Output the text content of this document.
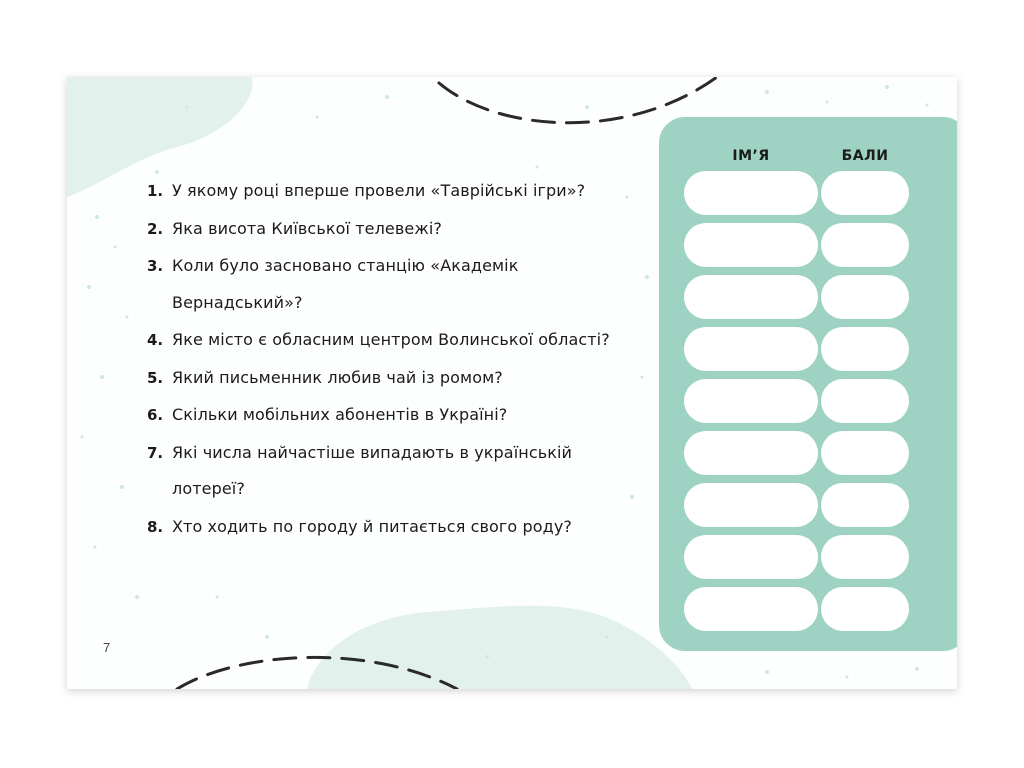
1. У якому році вперше провели «Таврійські ігри»?
2. Яка висота Київської телевежі?
3. Коли було засновано станцію «Академік Вернадський»?
4. Яке місто є обласним центром Волинської області?
5. Який письменник любив чай із ромом?
6. Скільки мобільних абонентів в Україні?
7. Які числа найчастіше випадають в українській лотереї?
8. Хто ходить по городу й питається свого роду?
7
ІМ’Я	БАЛИ
